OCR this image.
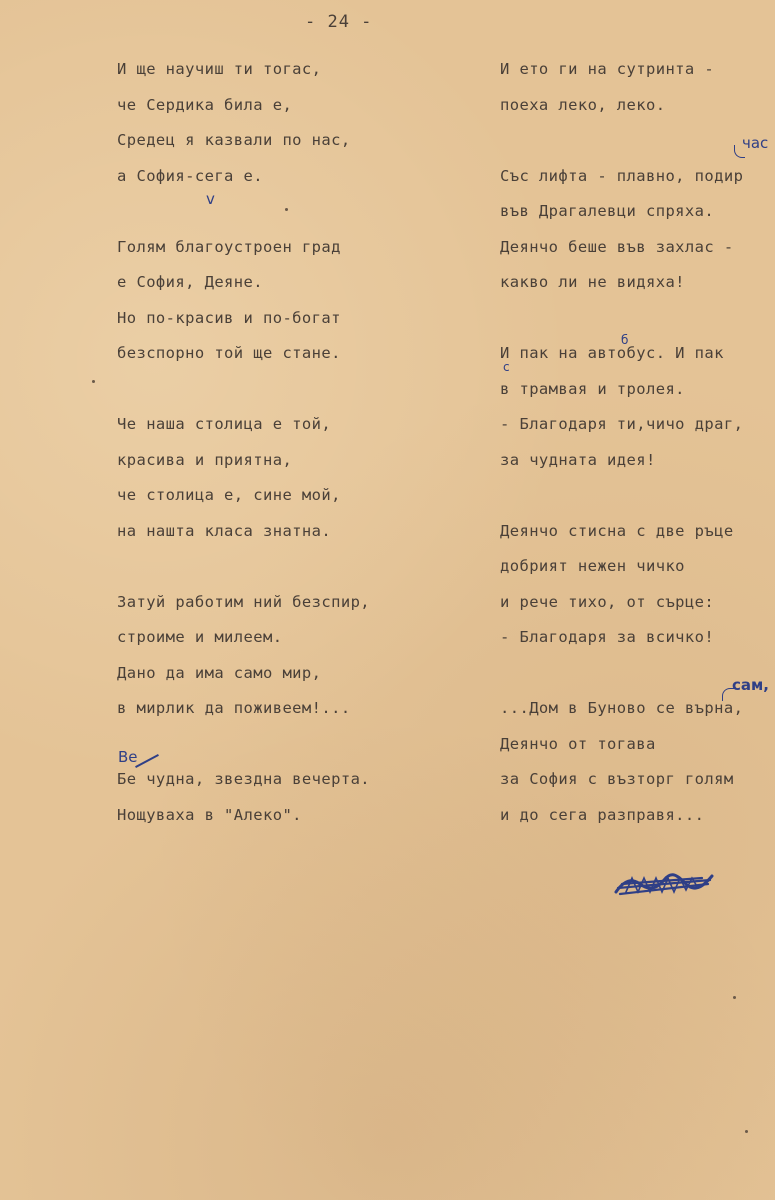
- 24 -
И ще научиш ти тогас,
че Сердика била е,
Средец я казвали по нас,
а София-сега е.
Голям благоустроен град
е София, Деяне.
Но по-красив и по-богат
безспорно той ще стане.
Че наша столица е той,
красива и приятна,
че столица е, сине мой,
на нашта класа знатна.
Затуй работим ний безспир,
строиме и милеем.
Дано да има само мир,
в мирлик да поживеем!...
Бе чудна, звездна вечерта.
Нощуваха в "Алеко".
И ето ги на сутринта -
поеха леко, леко.
Със лифта - плавно, подир
във Драгалевци спряха.
Деянчо беше във захлас -
какво ли не видяха!
И пак на автобус. И пак
в трамвая и тролея.
- Благодаря ти,чичо драг,
за чудната идея!
Деянчо стисна с две ръце
добрият нежен чичко
и рече тихо, от сърце:
- Благодаря за всичко!
...Дом в Буново се върна,
Деянчо от тогава
за София с възторг голям
и до сега разправя...
час
v
сам,
Ве
с
б
